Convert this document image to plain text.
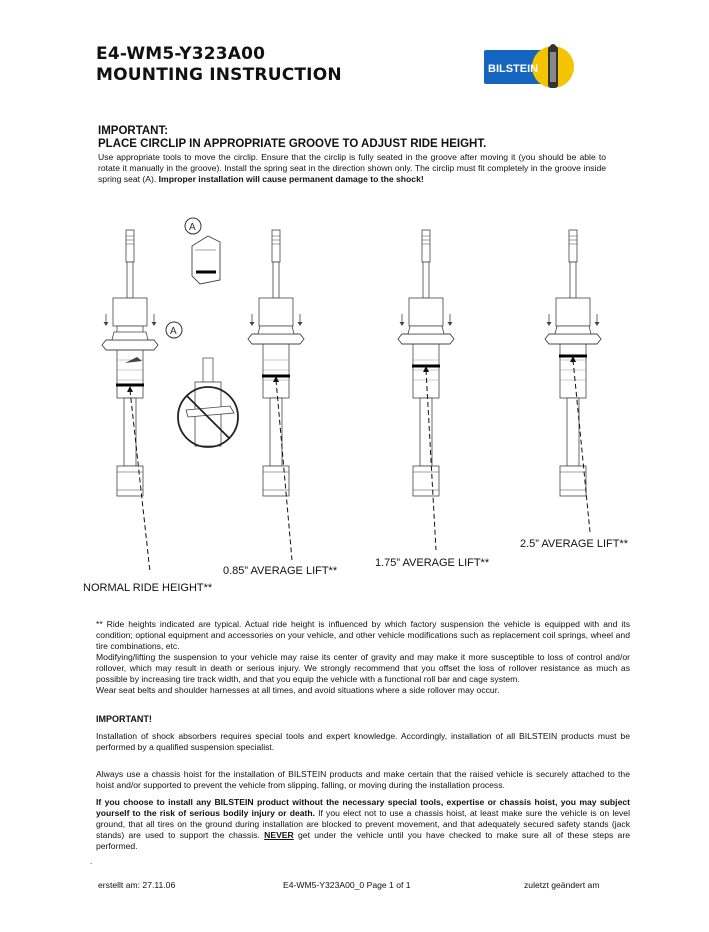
E4-WM5-Y323A00
MOUNTING INSTRUCTION	BILSTEIN
IMPORTANT:
PLACE CIRCLIP IN APPROPRIATE GROOVE TO ADJUST RIDE HEIGHT.
Use appropriate tools to move the circlip. Ensure that the circlip is fully seated in the groove after moving it (you should be able to rotate it manually in the groove). Install the spring seat in the direction shown only. The circlip must fit completely in the groove inside spring seat (A). Improper installation will cause permanent damage to the shock!
A
A
2.5” AVERAGE LIFT**
1.75” AVERAGE LIFT**
0.85” AVERAGE LIFT**
NORMAL RIDE HEIGHT**
** Ride heights indicated are typical. Actual ride height is influenced by which factory suspension the vehicle is equipped with and its condition; optional equipment and accessories on your vehicle, and other vehicle modifications such as replacement coil springs, wheel and tire combinations, etc.
Modifying/lifting the suspension to your vehicle may raise its center of gravity and may make it more susceptible to loss of control and/or rollover, which may result in death or serious injury. We strongly recommend that you offset the loss of rollover resistance as much as possible by increasing tire track width, and that you equip the vehicle with a functional roll bar and cage system.
Wear seat belts and shoulder harnesses at all times, and avoid situations where a side rollover may occur.
IMPORTANT!
Installation of shock absorbers requires special tools and expert knowledge. Accordingly, installation of all BILSTEIN products must be performed by a qualified suspension specialist.
Always use a chassis hoist for the installation of BILSTEIN products and make certain that the raised vehicle is securely attached to the hoist and/or supported to prevent the vehicle from slipping, falling, or moving during the installation process.
If you choose to install any BILSTEIN product without the necessary special tools, expertise or chassis hoist, you may subject yourself to the risk of serious bodily injury or death. If you elect not to use a chassis hoist, at least make sure the vehicle is on level ground, that all tires on the ground during installation are blocked to prevent movement, and that adequately secured safety stands (jack stands) are used to support the chassis. NEVER get under the vehicle until you have checked to make sure all of these steps are performed.
.
erstellt am: 27.11.06	E4-WM5-Y323A00_0 Page 1 of 1	zuletzt geändert am
